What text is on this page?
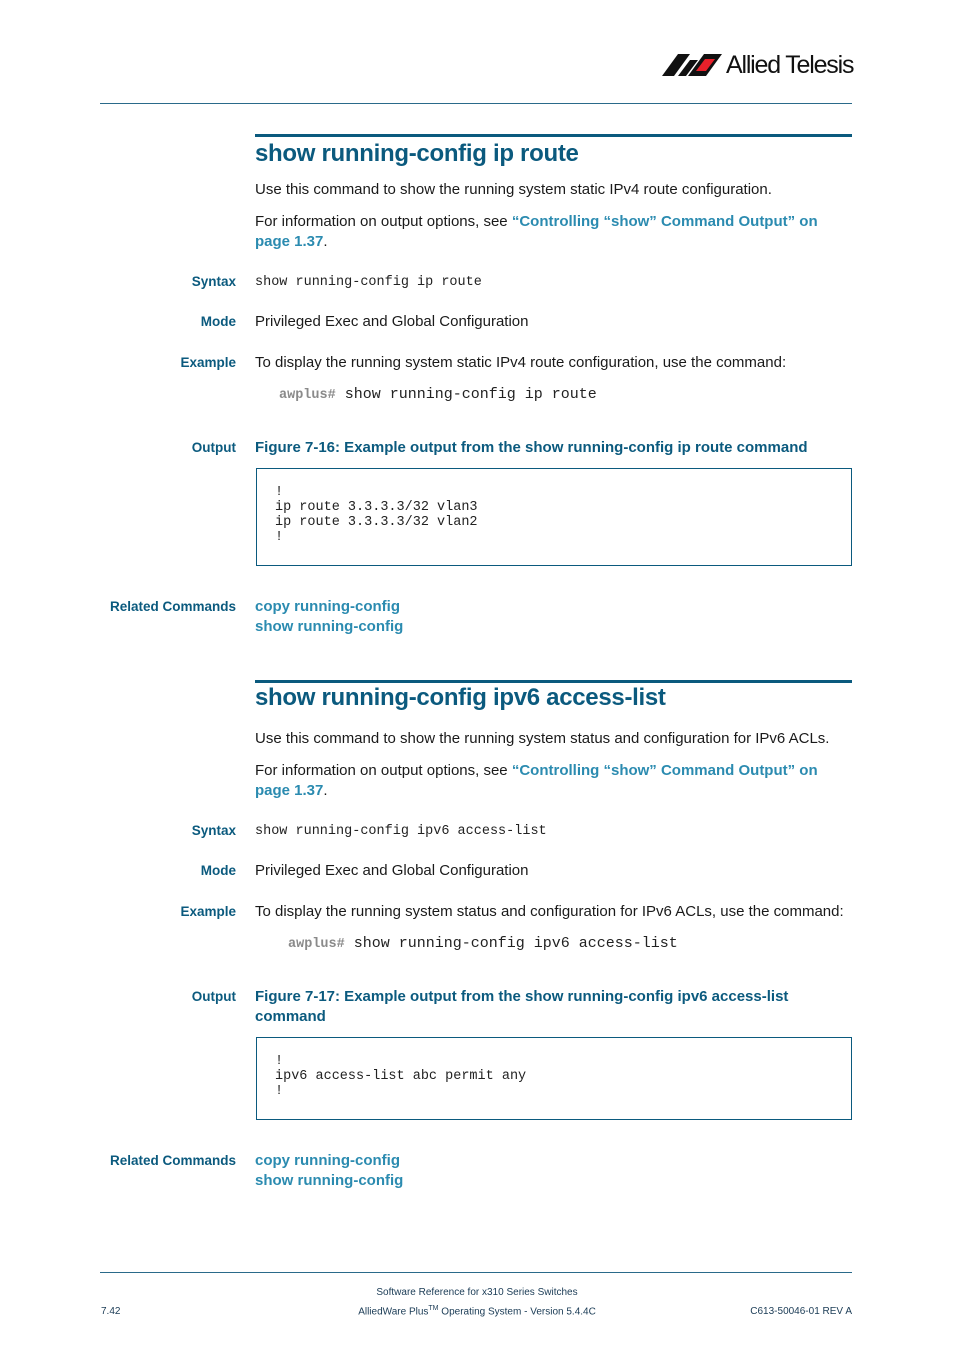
Allied Telesis
show running-config ip route
Use this command to show the running system static IPv4 route configuration.
For information on output options, see “Controlling “show” Command Output” on
page 1.37.
Syntax show running-config ip route
Mode Privileged Exec and Global Configuration
Example To display the running system static IPv4 route configuration, use the command:
awplus# show running-config ip route
Output Figure 7-16: Example output from the show running-config ip route command
!
ip route 3.3.3.3/32 vlan3
ip route 3.3.3.3/32 vlan2
!
Related Commands copy running-config
show running-config
show running-config ipv6 access-list
Use this command to show the running system status and configuration for IPv6 ACLs.
For information on output options, see “Controlling “show” Command Output” on
page 1.37.
Syntax show running-config ipv6 access-list
Mode Privileged Exec and Global Configuration
Example To display the running system status and configuration for IPv6 ACLs, use the command:
awplus# show running-config ipv6 access-list
Output Figure 7-17: Example output from the show running-config ipv6 access-list command
!
ipv6 access-list abc permit any
!
Related Commands copy running-config
show running-config
Software Reference for x310 Series Switches
AlliedWare Plus™ Operating System - Version 5.4.4C
7.42	C613-50046-01 REV A
